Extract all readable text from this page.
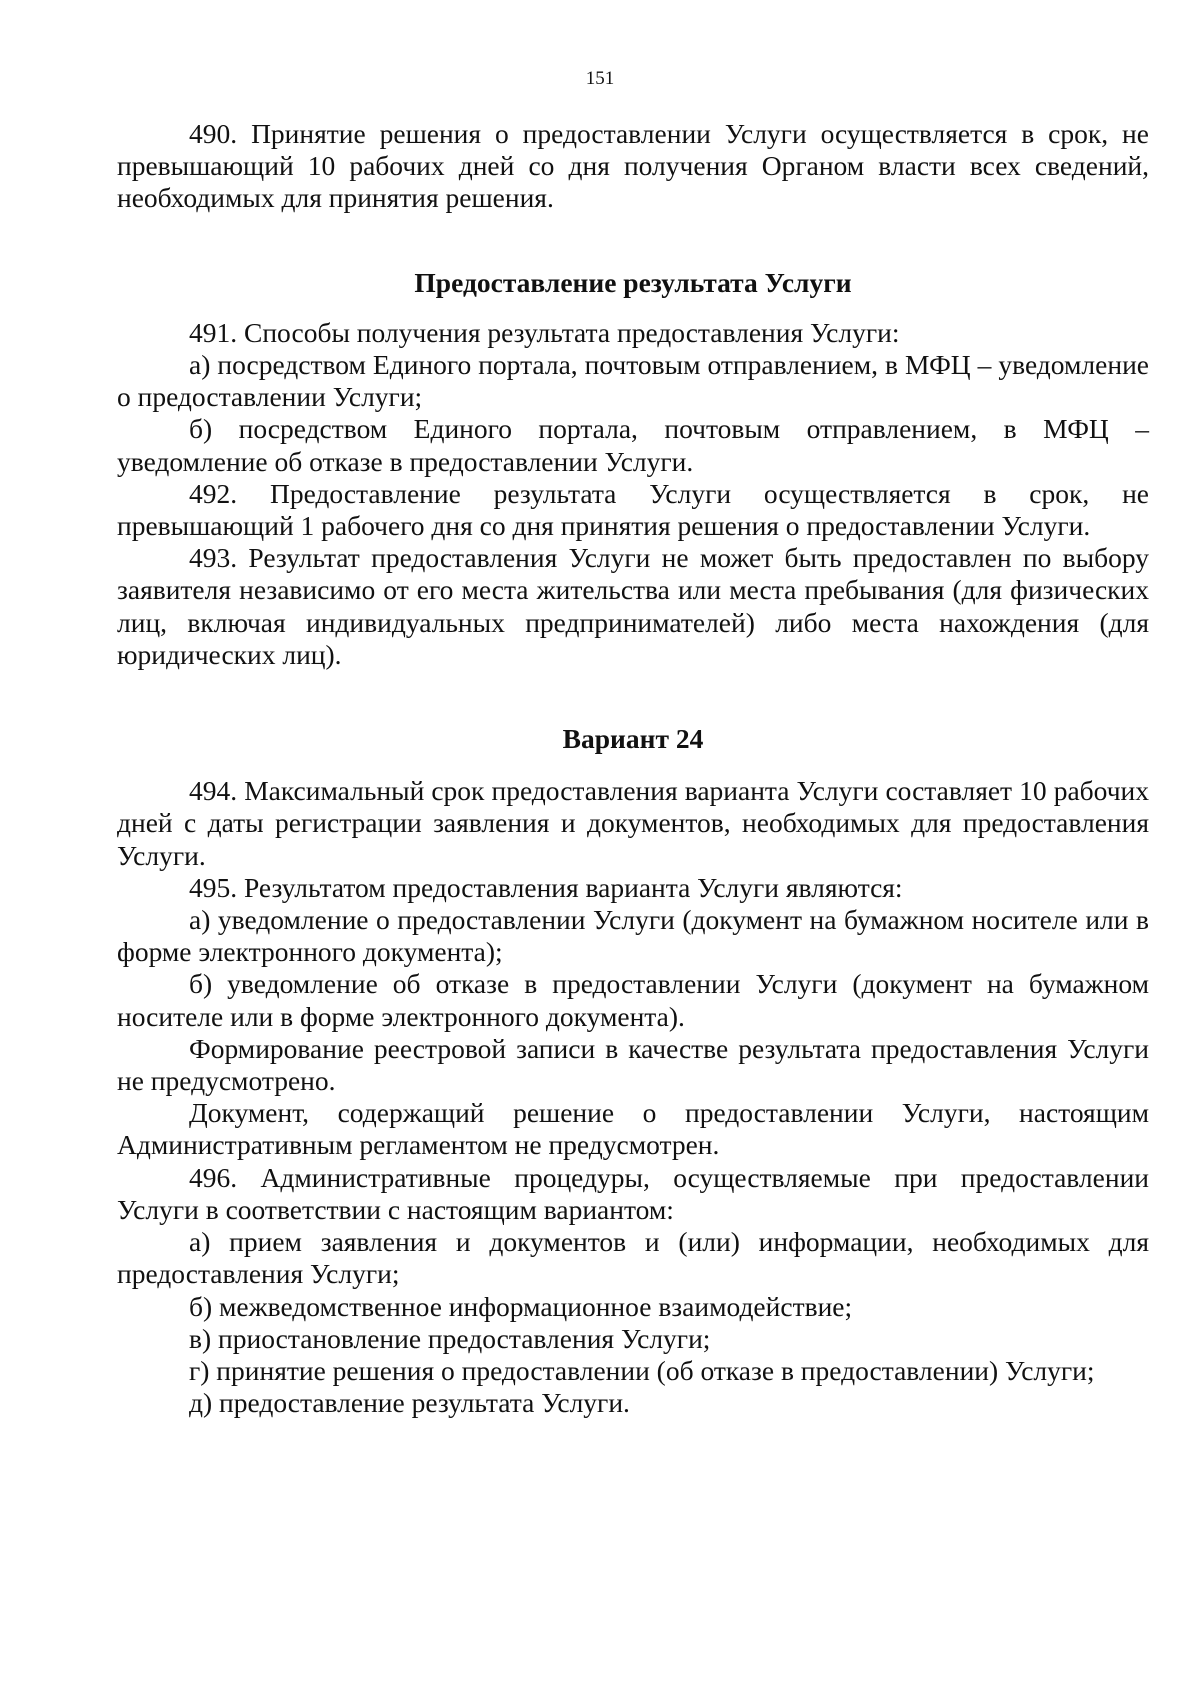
151

490. Принятие решения о предоставлении Услуги осуществляется в срок, не превышающий 10 рабочих дней со дня получения Органом власти всех сведений, необходимых для принятия решения.

Предоставление результата Услуги

491. Способы получения результата предоставления Услуги:

а) посредством Единого портала, почтовым отправлением, в МФЦ – уведомление о предоставлении Услуги;

б) посредством Единого портала, почтовым отправлением, в МФЦ – уведомление об отказе в предоставлении Услуги.

492. Предоставление результата Услуги осуществляется в срок, не превышающий 1 рабочего дня со дня принятия решения о предоставлении Услуги.

493. Результат предоставления Услуги не может быть предоставлен по выбору заявителя независимо от его места жительства или места пребывания (для физических лиц, включая индивидуальных предпринимателей) либо места нахождения (для юридических лиц).

Вариант 24

494. Максимальный срок предоставления варианта Услуги составляет 10 рабочих дней с даты регистрации заявления и документов, необходимых для предоставления Услуги.

495. Результатом предоставления варианта Услуги являются:

а) уведомление о предоставлении Услуги (документ на бумажном носителе или в форме электронного документа);

б) уведомление об отказе в предоставлении Услуги (документ на бумажном носителе или в форме электронного документа).

Формирование реестровой записи в качестве результата предоставления Услуги не предусмотрено.

Документ, содержащий решение о предоставлении Услуги, настоящим Административным регламентом не предусмотрен.

496. Административные процедуры, осуществляемые при предоставлении Услуги в соответствии с настоящим вариантом:

а) прием заявления и документов и (или) информации, необходимых для предоставления Услуги;

б) межведомственное информационное взаимодействие;

в) приостановление предоставления Услуги;

г) принятие решения о предоставлении (об отказе в предоставлении) Услуги;

д) предоставление результата Услуги.
